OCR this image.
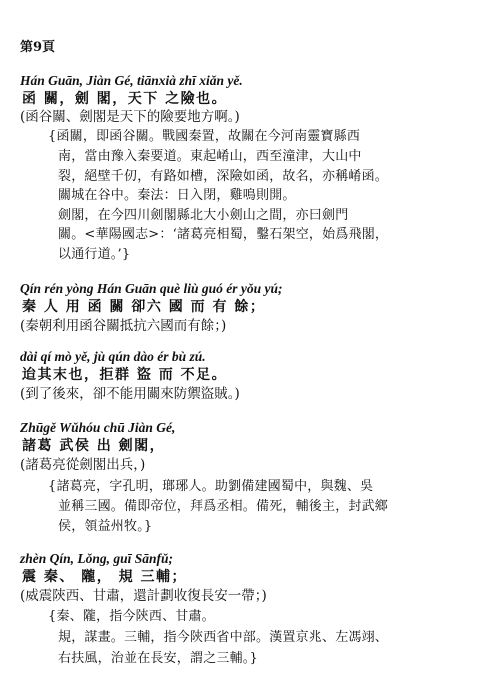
第9頁
Hán Guān, Jiàn Gé, tiānxià zhī xiǎn yě.
函 關，劍 閣，天下 之險也。
(函谷關、劍閣是天下的險要地方啊。)
{函關，即函谷關。戰國秦置，故關在今河南靈寶縣西
南，當由豫入秦要道。東起崤山，西至潼津，大山中
裂，絕壁千仞，有路如槽，深險如函，故名，亦稱崤函。
關城在谷中。秦法：日入閉，雞鳴則開。
劍閣，在今四川劍閣縣北大小劍山之間，亦曰劍門
關。<華陽國志>：‘諸葛亮相蜀，鑿石架空，始爲飛閣，
以通行道。’}
Qín rén yòng Hán Guān què liù guó ér yǒu yú;
秦 人 用 函 關 卻六 國 而 有 餘；
(秦朝利用函谷關抵抗六國而有餘；)
dài qí mò yě, jù qún dào ér bù zú.
迨其末也，拒群 盜 而 不足。
(到了後來，卻不能用關來防禦盜賊。)
Zhūgě Wǔhóu chū Jiàn Gé,
諸葛 武侯 出 劍閣，
(諸葛亮從劍閣出兵，)
{諸葛亮，字孔明，瑯琊人。助劉備建國蜀中，與魏、吳
並稱三國。備即帝位，拜爲丞相。備死，輔後主，封武鄉
侯，領益州牧。}
zhèn Qín, Lǒng, guī Sānfǔ;
震 秦、 隴， 規 三輔；
(威震陝西、甘肅，還計劃收復長安一帶；)
{秦、隴，指今陝西、甘肅。
規，謀畫。三輔，指今陝西省中部。漢置京兆、左馮翊、
右扶風，治並在長安，謂之三輔。}
